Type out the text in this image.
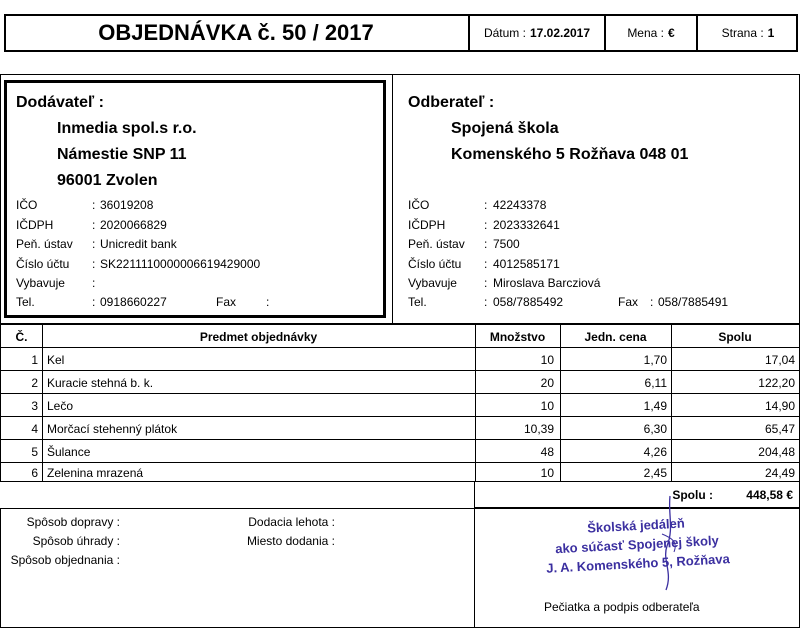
OBJEDNÁVKA č. 50 / 2017	Dátum : 17.02.2017	Mena : €	Strana : 1
Dodávateľ :
Inmedia spol.s r.o.
Námestie SNP 11
96001 Zvolen
IČO	: 36019208
IČDPH	: 2020066829
Peň. ústav : Unicredit bank
Číslo účtu : SK2211110000006619429000
Vybavuje :
Tel.	: 0918660227	Fax :
Odberateľ :
Spojená škola
Komenského 5 Rožňava 048 01
IČO	: 42243378
IČDPH	: 2023332641
Peň. ústav : 7500
Číslo účtu : 4012585171
Vybavuje : Miroslava Barcziová
Tel.	: 058/7885492	Fax : 058/7885491
Č.	Predmet objednávky	Množstvo	Jedn. cena	Spolu
1 Kel	10	1,70	17,04
2 Kuracie stehná b. k.	20	6,11	122,20
3 Lečo	10	1,49	14,90
4 Morčací stehenný plátok	10,39	6,30	65,47
5 Šulance	48	4,26	204,48
6 Zelenina mrazená	10	2,45	24,49
Spolu :	448,58 €
Spôsob dopravy :
Spôsob úhrady :
Spôsob objednania :
Dodacia lehota :
Miesto dodania :
Školská jedáleň
ako súčasť Spojenej školy
J. A. Komenského 5, Rožňava
Pečiatka a podpis odberateľa
